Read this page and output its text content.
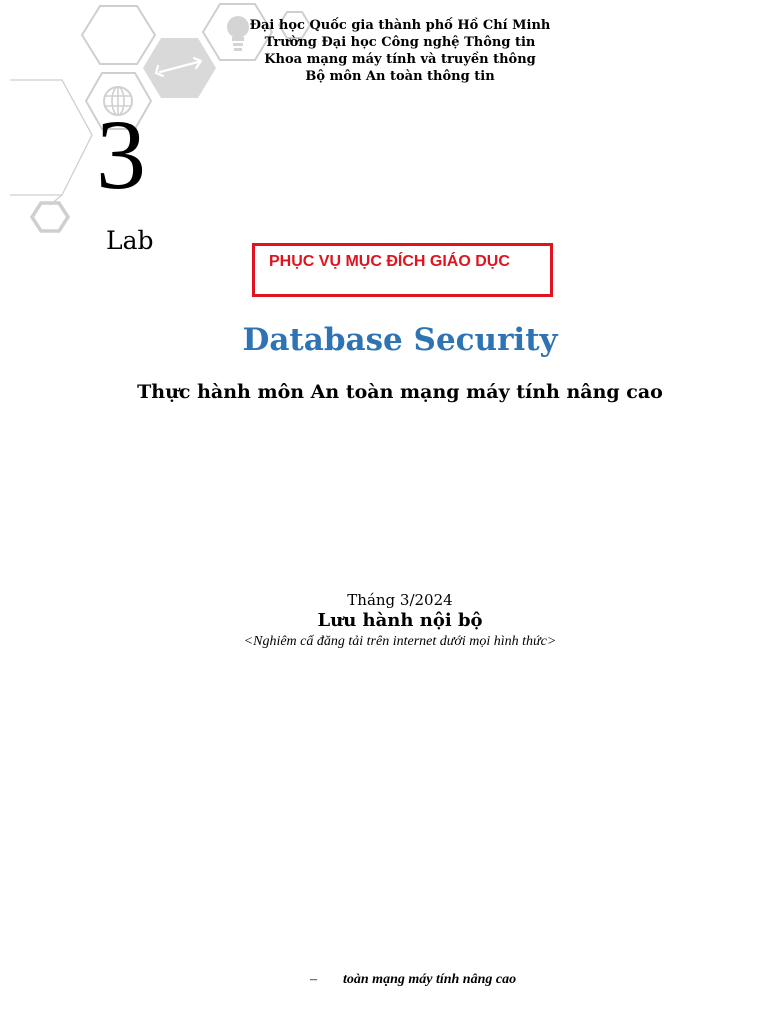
Đại học Quốc gia thành phố Hồ Chí Minh
Trường Đại học Công nghệ Thông tin
Khoa mạng máy tính và truyền thông
Bộ môn An toàn thông tin
3
Lab
PHỤC VỤ MỤC ĐÍCH GIÁO DỤC
Database Security
Thực hành môn An toàn mạng máy tính nâng cao
Tháng 3/2024
Lưu hành nội bộ
<Nghiêm cấ đăng tải trên internet dưới mọi hình thức>
– toàn mạng máy tính nâng cao
